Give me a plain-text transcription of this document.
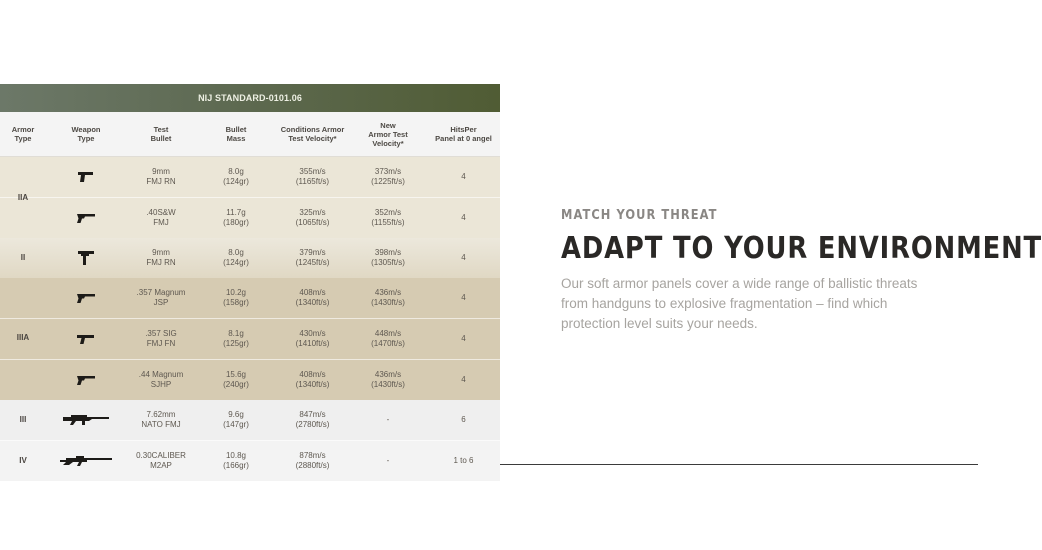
NIJ STANDARD-0101.06
Armor
Type
Weapon
Type
Test
Bullet
Bullet
Mass
Conditions Armor
Test Velocity*
New
Armor Test
Velocity*
HitsPer
Panel at 0 angel
9mm
FMJ RN
8.0g
(124gr)
355m/s
(1165ft/s)
373m/s
(1225ft/s)
4
.40S&W
FMJ
11.7g
(180gr)
325m/s
(1065ft/s)
352m/s
(1155ft/s)
4
II
9mm
FMJ RN
8.0g
(124gr)
379m/s
(1245ft/s)
398m/s
(1305ft/s)
4
.357 Magnum
JSP
10.2g
(158gr)
408m/s
(1340ft/s)
436m/s
(1430ft/s)
4
.357 SIG
FMJ FN
8.1g
(125gr)
430m/s
(1410ft/s)
448m/s
(1470ft/s)
4
.44 Magnum
SJHP
15.6g
(240gr)
408m/s
(1340ft/s)
436m/s
(1430ft/s)
4
III
7.62mm
NATO FMJ
9.6g
(147gr)
847m/s
(2780ft/s)
-	6
IV
0.30CALIBER
M2AP
10.8g
(166gr)
878m/s
(2880ft/s)
-	1 to 6
IIA
IIIA
MATCH YOUR THREAT
ADAPT TO YOUR ENVIRONMENT
Our soft armor panels cover a wide range of ballistic threats from handguns to explosive fragmentation – find which protection level suits your needs.
